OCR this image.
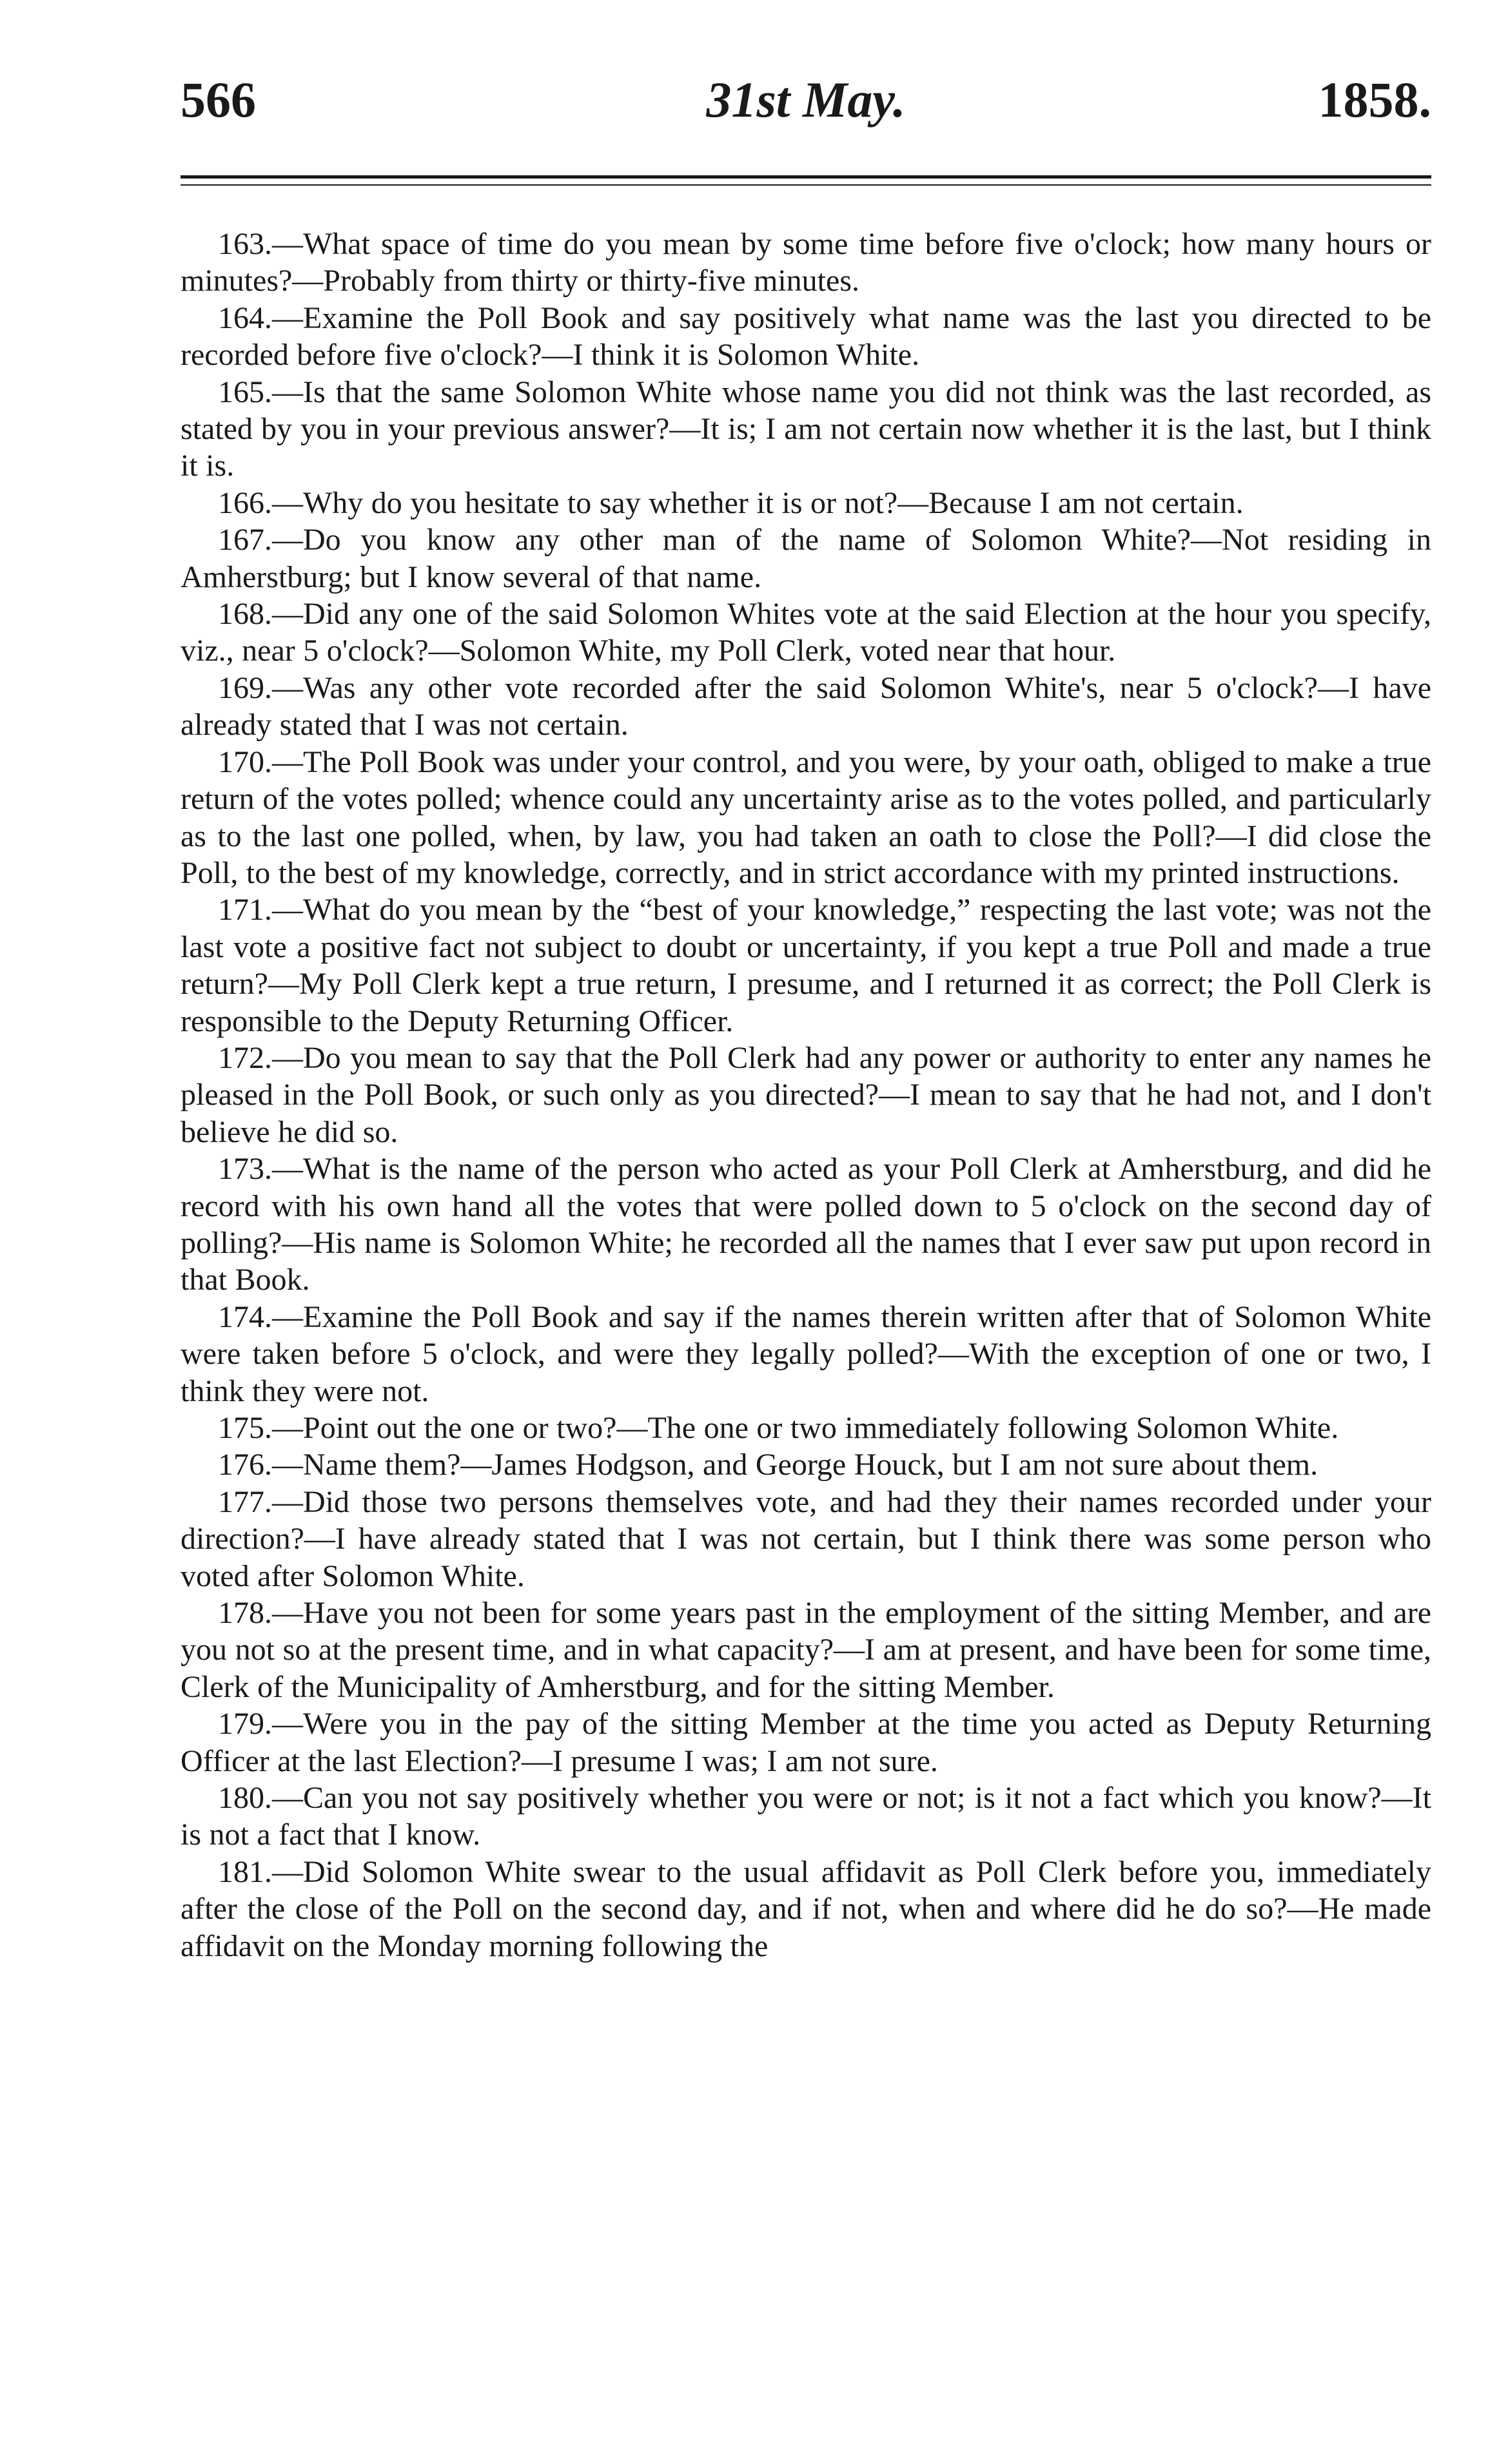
566	31st May.	1858.

163.—What space of time do you mean by some time before five o'clock; how many hours or minutes?—Probably from thirty or thirty-five minutes.

164.—Examine the Poll Book and say positively what name was the last you directed to be recorded before five o'clock?—I think it is Solomon White.

165.—Is that the same Solomon White whose name you did not think was the last recorded, as stated by you in your previous answer?—It is; I am not certain now whether it is the last, but I think it is.

166.—Why do you hesitate to say whether it is or not?—Because I am not certain.

167.—Do you know any other man of the name of Solomon White?—Not residing in Amherstburg; but I know several of that name.

168.—Did any one of the said Solomon Whites vote at the said Election at the hour you specify, viz., near 5 o'clock?—Solomon White, my Poll Clerk, voted near that hour.

169.—Was any other vote recorded after the said Solomon White's, near 5 o'clock?—I have already stated that I was not certain.

170.—The Poll Book was under your control, and you were, by your oath, obliged to make a true return of the votes polled; whence could any uncertainty arise as to the votes polled, and particularly as to the last one polled, when, by law, you had taken an oath to close the Poll?—I did close the Poll, to the best of my knowledge, correctly, and in strict accordance with my printed instructions.

171.—What do you mean by the “best of your knowledge,” respecting the last vote; was not the last vote a positive fact not subject to doubt or uncertainty, if you kept a true Poll and made a true return?—My Poll Clerk kept a true return, I presume, and I returned it as correct; the Poll Clerk is responsible to the Deputy Returning Officer.

172.—Do you mean to say that the Poll Clerk had any power or authority to enter any names he pleased in the Poll Book, or such only as you directed?—I mean to say that he had not, and I don't believe he did so.

173.—What is the name of the person who acted as your Poll Clerk at Amherstburg, and did he record with his own hand all the votes that were polled down to 5 o'clock on the second day of polling?—His name is Solomon White; he recorded all the names that I ever saw put upon record in that Book.

174.—Examine the Poll Book and say if the names therein written after that of Solomon White were taken before 5 o'clock, and were they legally polled?—With the exception of one or two, I think they were not.

175.—Point out the one or two?—The one or two immediately following Solomon White.

176.—Name them?—James Hodgson, and George Houck, but I am not sure about them.

177.—Did those two persons themselves vote, and had they their names recorded under your direction?—I have already stated that I was not certain, but I think there was some person who voted after Solomon White.

178.—Have you not been for some years past in the employment of the sitting Member, and are you not so at the present time, and in what capacity?—I am at present, and have been for some time, Clerk of the Municipality of Amherstburg, and for the sitting Member.

179.—Were you in the pay of the sitting Member at the time you acted as Deputy Returning Officer at the last Election?—I presume I was; I am not sure.

180.—Can you not say positively whether you were or not; is it not a fact which you know?—It is not a fact that I know.

181.—Did Solomon White swear to the usual affidavit as Poll Clerk before you, immediately after the close of the Poll on the second day, and if not, when and where did he do so?—He made affidavit on the Monday morning following the
